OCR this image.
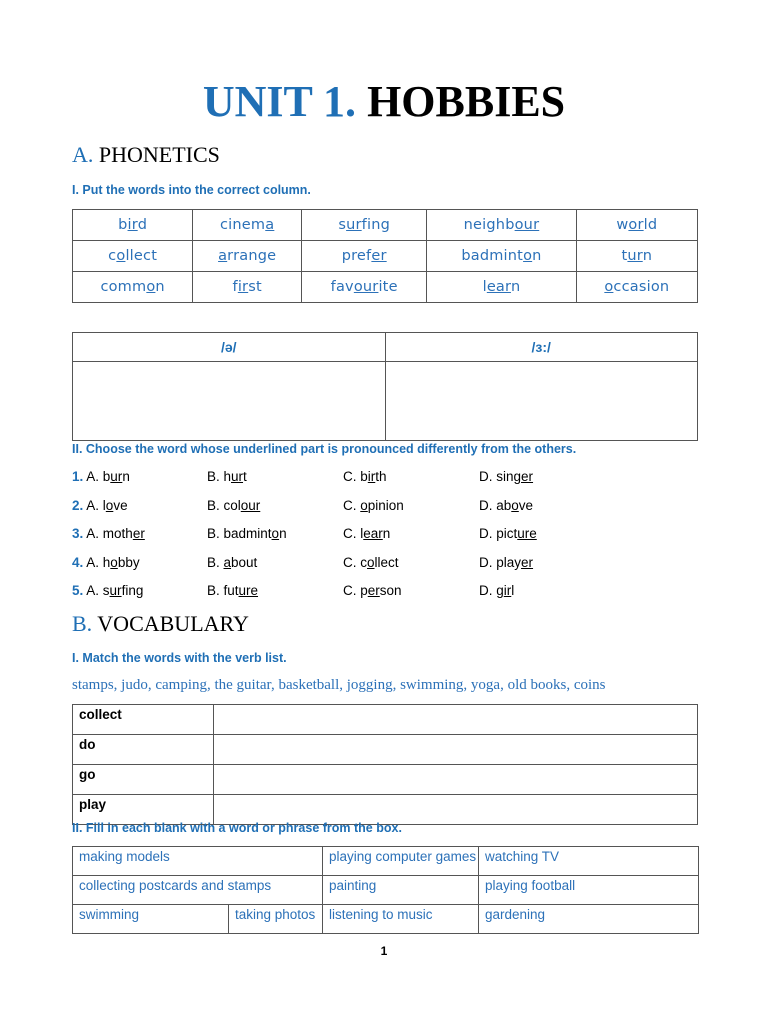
UNIT 1. HOBBIES
A. PHONETICS
I. Put the words into the correct column.
bird	cinema	surfing	neighbour	world
collect	arrange	prefer	badminton	turn
common	first	favourite	learn	occasion
/ə/	/ɜ:/

II. Choose the word whose underlined part is pronounced differently from the others.
1. A. burn	B. hurt	C. birth	D. singer
2. A. love	B. colour	C. opinion	D. above
3. A. mother	B. badminton	C. learn	D. picture
4. A. hobby	B. about	C. collect	D. player
5. A. surfing	B. future	C. person	D. girl
B. VOCABULARY
I. Match the words with the verb list.
stamps, judo, camping, the guitar, basketball, jogging, swimming, yoga, old books, coins
collect	
do	
go	
play	
II. Fill in each blank with a word or phrase from the box.
making models		playing computer games	watching TV
collecting postcards and stamps		painting	playing football
swimming	taking photos	listening to music	gardening
1
